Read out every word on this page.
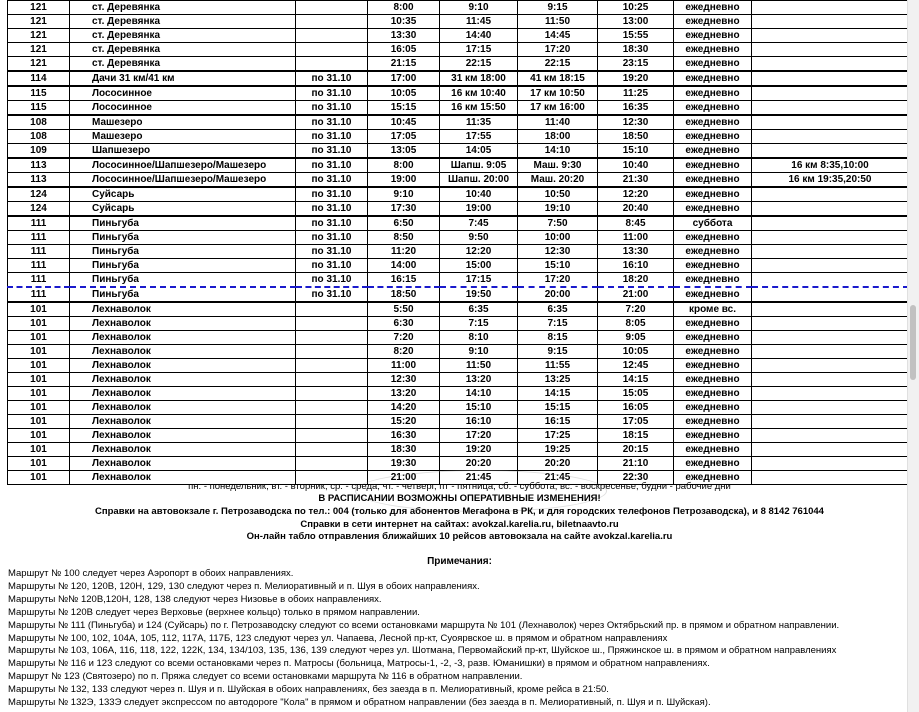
121	ст. Деревянка		8:00	9:10	9:15	10:25	ежедневно	
121	ст. Деревянка		10:35	11:45	11:50	13:00	ежедневно	
121	ст. Деревянка		13:30	14:40	14:45	15:55	ежедневно	
121	ст. Деревянка		16:05	17:15	17:20	18:30	ежедневно	
121	ст. Деревянка		21:15	22:15	22:15	23:15	ежедневно	
114	Дачи 31 км/41 км	по 31.10	17:00	31 км 18:00	41 км 18:15	19:20	ежедневно	
115	Лососинное	по 31.10	10:05	16 км 10:40	17 км 10:50	11:25	ежедневно	
115	Лососинное	по 31.10	15:15	16 км 15:50	17 км 16:00	16:35	ежедневно	
108	Машезеро	по 31.10	10:45	11:35	11:40	12:30	ежедневно	
108	Машезеро	по 31.10	17:05	17:55	18:00	18:50	ежедневно	
109	Шапшезеро	по 31.10	13:05	14:05	14:10	15:10	ежедневно	
113	Лососинное/Шапшезеро/Машезеро	по 31.10	8:00	Шапш. 9:05	Маш. 9:30	10:40	ежедневно	16 км 8:35,10:00
113	Лососинное/Шапшезеро/Машезеро	по 31.10	19:00	Шапш. 20:00	Маш. 20:20	21:30	ежедневно	16 км 19:35,20:50
124	Суйсарь	по 31.10	9:10	10:40	10:50	12:20	ежедневно	
124	Суйсарь	по 31.10	17:30	19:00	19:10	20:40	ежедневно	
111	Пиньгуба	по 31.10	6:50	7:45	7:50	8:45	суббота	
111	Пиньгуба	по 31.10	8:50	9:50	10:00	11:00	ежедневно	
111	Пиньгуба	по 31.10	11:20	12:20	12:30	13:30	ежедневно	
111	Пиньгуба	по 31.10	14:00	15:00	15:10	16:10	ежедневно	
111	Пиньгуба	по 31.10	16:15	17:15	17:20	18:20	ежедневно	
111	Пиньгуба	по 31.10	18:50	19:50	20:00	21:00	ежедневно	
101	Лехнаволок		5:50	6:35	6:35	7:20	кроме вс.	
101	Лехнаволок		6:30	7:15	7:15	8:05	ежедневно	
101	Лехнаволок		7:20	8:10	8:15	9:05	ежедневно	
101	Лехнаволок		8:20	9:10	9:15	10:05	ежедневно	
101	Лехнаволок		11:00	11:50	11:55	12:45	ежедневно	
101	Лехнаволок		12:30	13:20	13:25	14:15	ежедневно	
101	Лехнаволок		13:20	14:10	14:15	15:05	ежедневно	
101	Лехнаволок		14:20	15:10	15:15	16:05	ежедневно	
101	Лехнаволок		15:20	16:10	16:15	17:05	ежедневно	
101	Лехнаволок		16:30	17:20	17:25	18:15	ежедневно	
101	Лехнаволок		18:30	19:20	19:25	20:15	ежедневно	
101	Лехнаволок		19:30	20:20	20:20	21:10	ежедневно	
101	Лехнаволок		21:00	21:45	21:45	22:30	ежедневно	
пн. - понедельник, вт. - вторник, ср. - среда, чт. - четверг, пт - пятница, сб. - суббота, вс. - воскресенье, будни - рабочие дни
В РАСПИСАНИИ ВОЗМОЖНЫ ОПЕРАТИВНЫЕ ИЗМЕНЕНИЯ!
Справки на автовокзале г. Петрозаводска по тел.: 004 (только для абонентов Мегафона в РК, и для городских телефонов Петрозаводска), и 8 8142 761044
Справки в сети интернет на сайтах: avokzal.karelia.ru, biletnaavto.ru
Он-лайн табло отправления ближайших 10 рейсов автовокзала на сайте avokzal.karelia.ru
Примечания:
Маршрут № 100 следует через Аэропорт в обоих направлениях.
Маршруты № 120, 120В, 120Н, 129, 130 следуют через п. Мелиоративный и п. Шуя в обоих направлениях.
Маршруты №№ 120В,120Н, 128, 138 следуют через Низовье в обоих направлениях.
Маршруты № 120В следует через Верховье (верхнее кольцо) только в прямом направлении.
Маршруты № 111 (Пиньгуба) и 124 (Суйсарь) по г. Петрозаводску следуют со всеми остановками маршрута № 101 (Лехнаволок) через Октябрьский пр. в прямом и обратном направлении.
Маршруты № 100, 102, 104А, 105, 112, 117А, 117Б, 123 следуют через ул. Чапаева, Лесной пр-кт, Суоярвское ш. в прямом и обратном направлениях
Маршруты № 103, 106А, 116, 118, 122, 122К, 134, 134/103, 135, 136, 139 следуют через ул. Шотмана, Первомайский пр-кт, Шуйское ш., Пряжинское ш. в прямом и обратном направлениях
Маршруты № 116 и 123 следуют со всеми остановками через п. Матросы (больница, Матросы-1, -2, -3, разв. Юманишки) в прямом и обратном направлениях.
Маршрут № 123 (Святозеро) по п. Пряжа следует со всеми остановками маршрута № 116 в обратном направлении.
Маршруты № 132, 133 следуют через п. Шуя и п. Шуйская в обоих направлениях, без заезда в п. Мелиоративный, кроме рейса в 21:50.
Маршруты № 132Э, 133Э следует экспрессом по автодороге "Кола" в прямом и обратном направлении (без заезда в п. Мелиоративный, п. Шуя и п. Шуйская).
